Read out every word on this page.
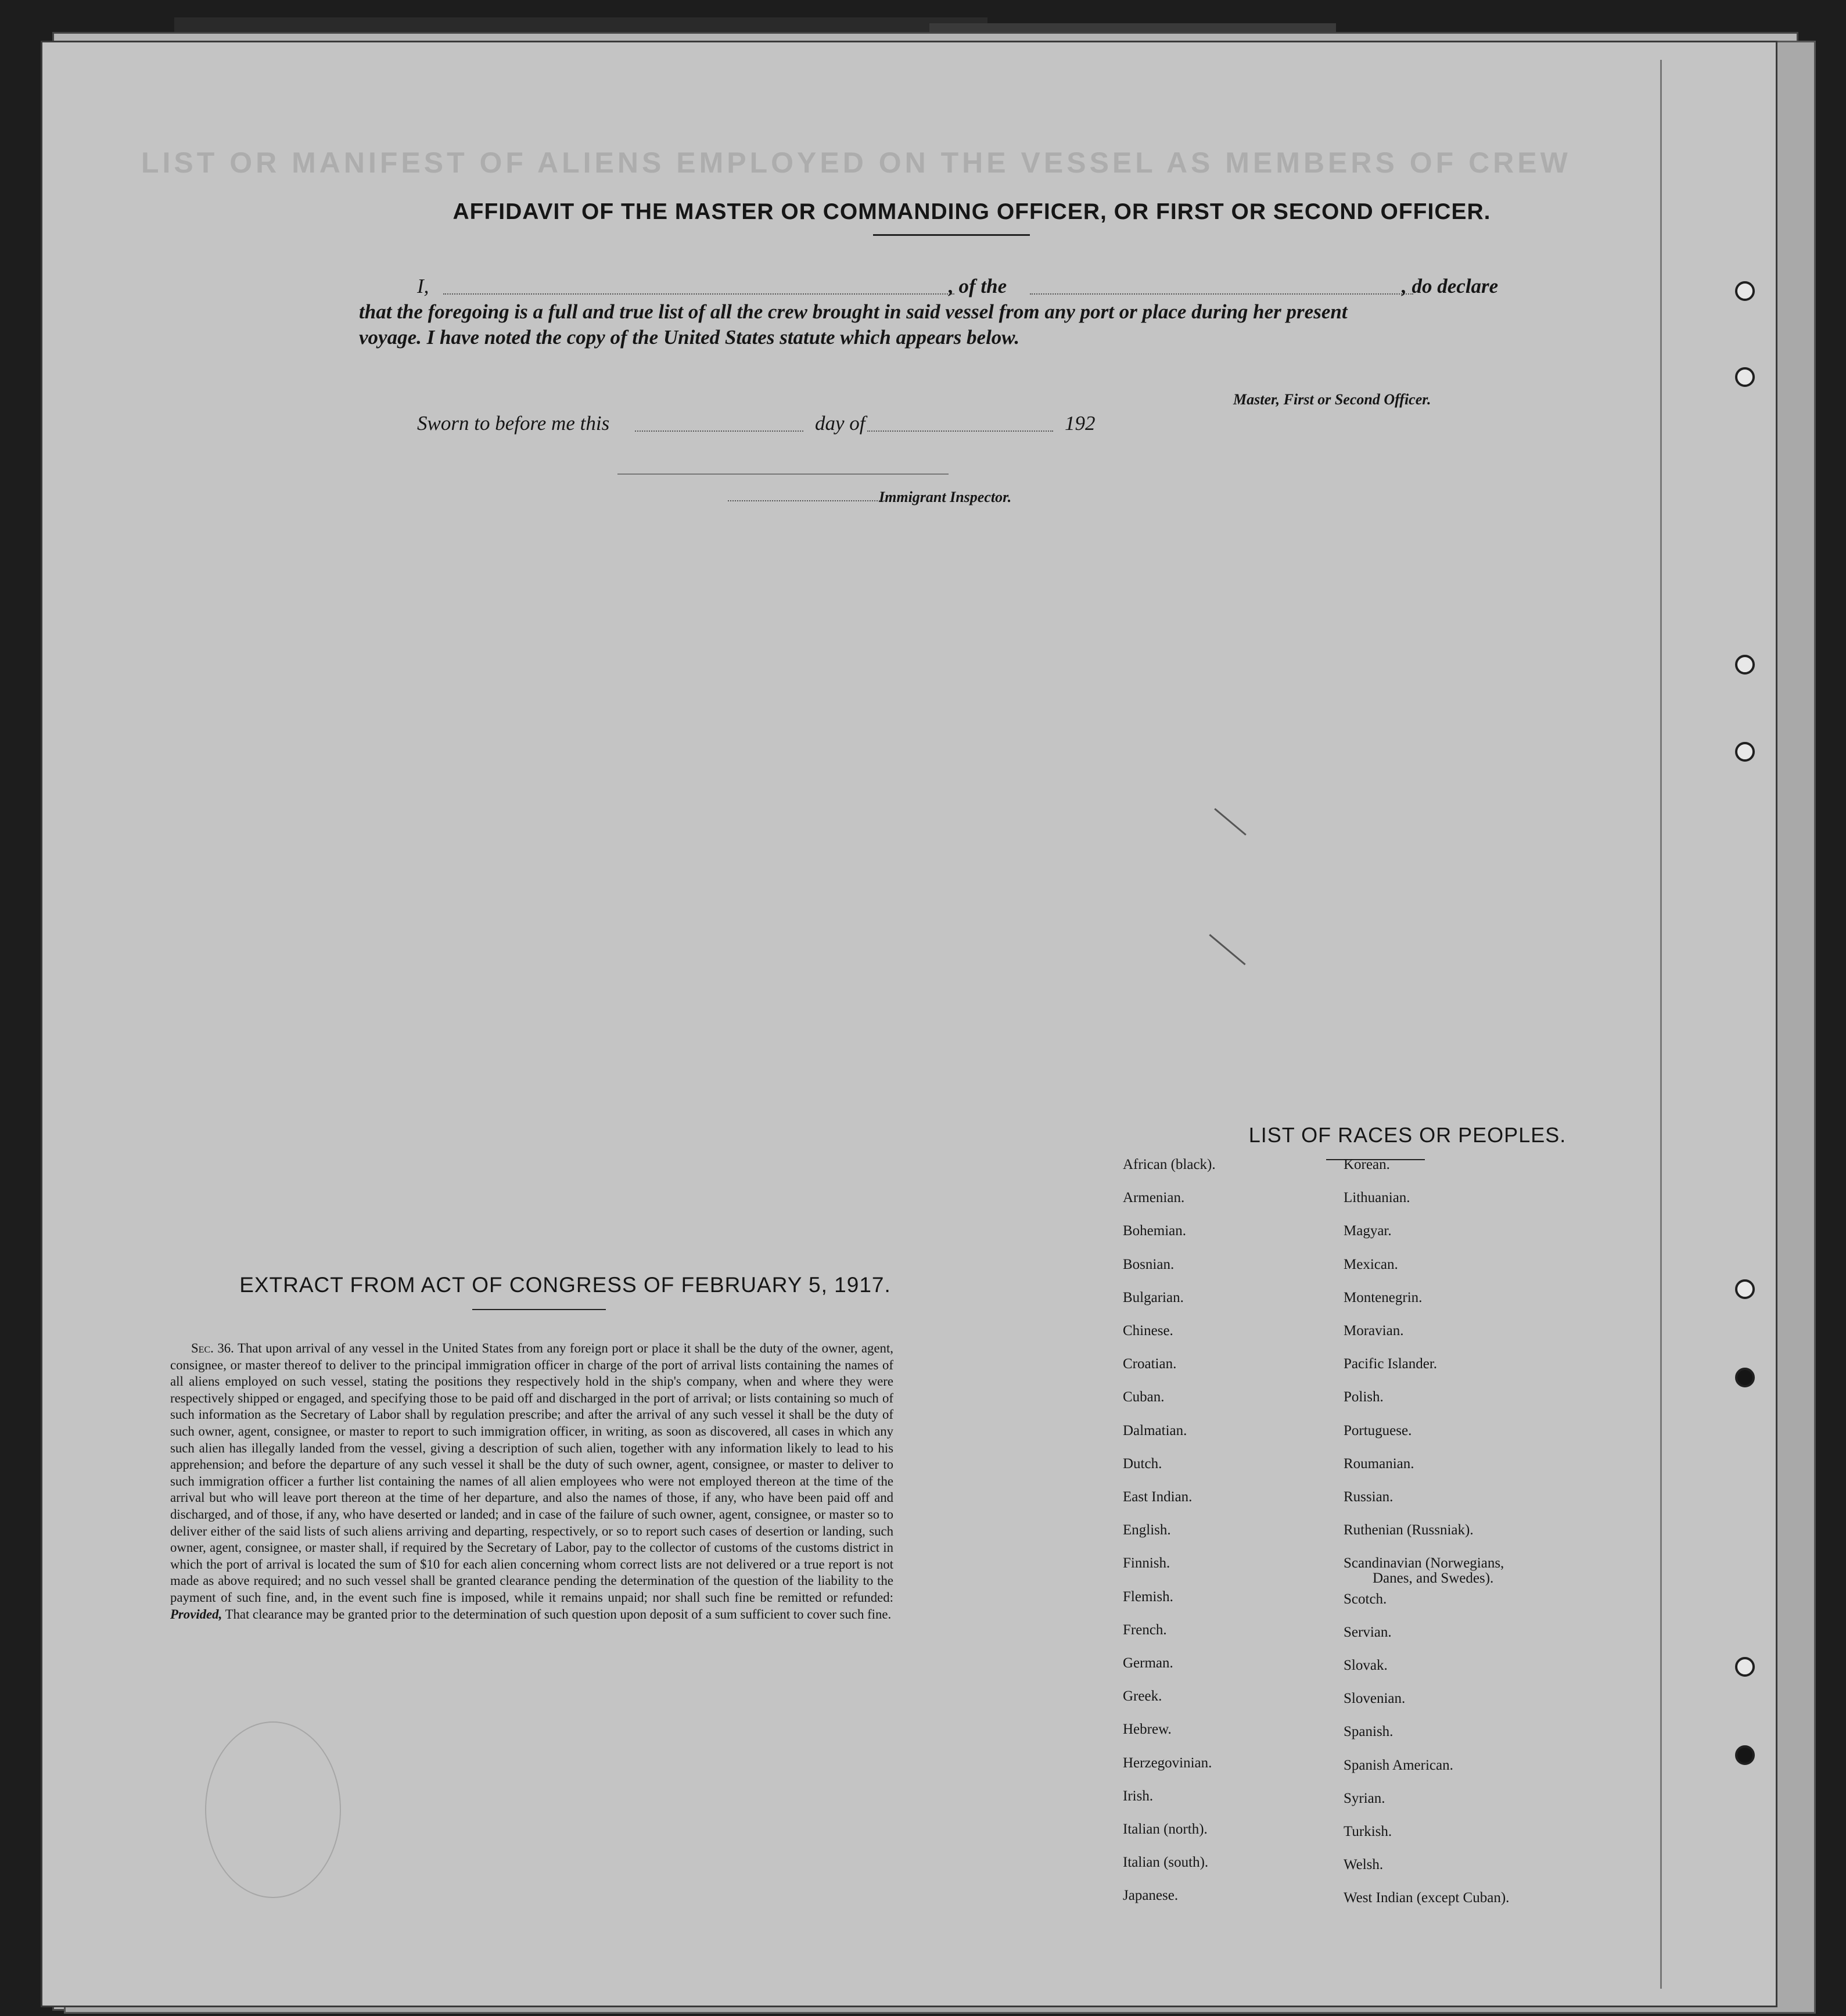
LIST OR MANIFEST OF ALIENS EMPLOYED ON THE VESSEL AS MEMBERS OF CREW
AFFIDAVIT OF THE MASTER OR COMMANDING OFFICER, OR FIRST OR SECOND OFFICER.
I,	, of the	, do declare
that the foregoing is a full and true list of all the crew brought in said vessel from any port or place during her present
voyage. I have noted the copy of the United States statute which appears below.
Master, First or Second Officer.
Sworn to before me this	day of	192
Immigrant Inspector.
EXTRACT FROM ACT OF CONGRESS OF FEBRUARY 5, 1917.
Sec. 36. That upon arrival of any vessel in the United States from any foreign port or place it shall be the duty of the owner, agent, consignee, or master thereof to deliver to the principal immigration officer in charge of the port of arrival lists containing the names of all aliens employed on such vessel, stating the positions they respectively hold in the ship's company, when and where they were respectively shipped or engaged, and specifying those to be paid off and discharged in the port of arrival; or lists containing so much of such information as the Secretary of Labor shall by regulation prescribe; and after the arrival of any such vessel it shall be the duty of such owner, agent, consignee, or master to report to such immigration officer, in writing, as soon as discovered, all cases in which any such alien has illegally landed from the vessel, giving a description of such alien, together with any information likely to lead to his apprehension; and before the departure of any such vessel it shall be the duty of such owner, agent, consignee, or master to deliver to such immigration officer a further list containing the names of all alien employees who were not employed thereon at the time of the arrival but who will leave port thereon at the time of her departure, and also the names of those, if any, who have been paid off and discharged, and of those, if any, who have deserted or landed; and in case of the failure of such owner, agent, consignee, or master so to deliver either of the said lists of such aliens arriving and departing, respectively, or so to report such cases of desertion or landing, such owner, agent, consignee, or master shall, if required by the Secretary of Labor, pay to the collector of customs of the customs district in which the port of arrival is located the sum of $10 for each alien concerning whom correct lists are not delivered or a true report is not made as above required; and no such vessel shall be granted clearance pending the determination of the question of the liability to the payment of such fine, and, in the event such fine is imposed, while it remains unpaid; nor shall such fine be remitted or refunded: Provided, That clearance may be granted prior to the determination of such question upon deposit of a sum sufficient to cover such fine.
LIST OF RACES OR PEOPLES.
African (black).
Armenian.
Bohemian.
Bosnian.
Bulgarian.
Chinese.
Croatian.
Cuban.
Dalmatian.
Dutch.
East Indian.
English.
Finnish.
Flemish.
French.
German.
Greek.
Hebrew.
Herzegovinian.
Irish.
Italian (north).
Italian (south).
Japanese.
Korean.
Lithuanian.
Magyar.
Mexican.
Montenegrin.
Moravian.
Pacific Islander.
Polish.
Portuguese.
Roumanian.
Russian.
Ruthenian (Russniak).
Scandinavian (Norwegians,
Danes, and Swedes).
Scotch.
Servian.
Slovak.
Slovenian.
Spanish.
Spanish American.
Syrian.
Turkish.
Welsh.
West Indian (except Cuban).
